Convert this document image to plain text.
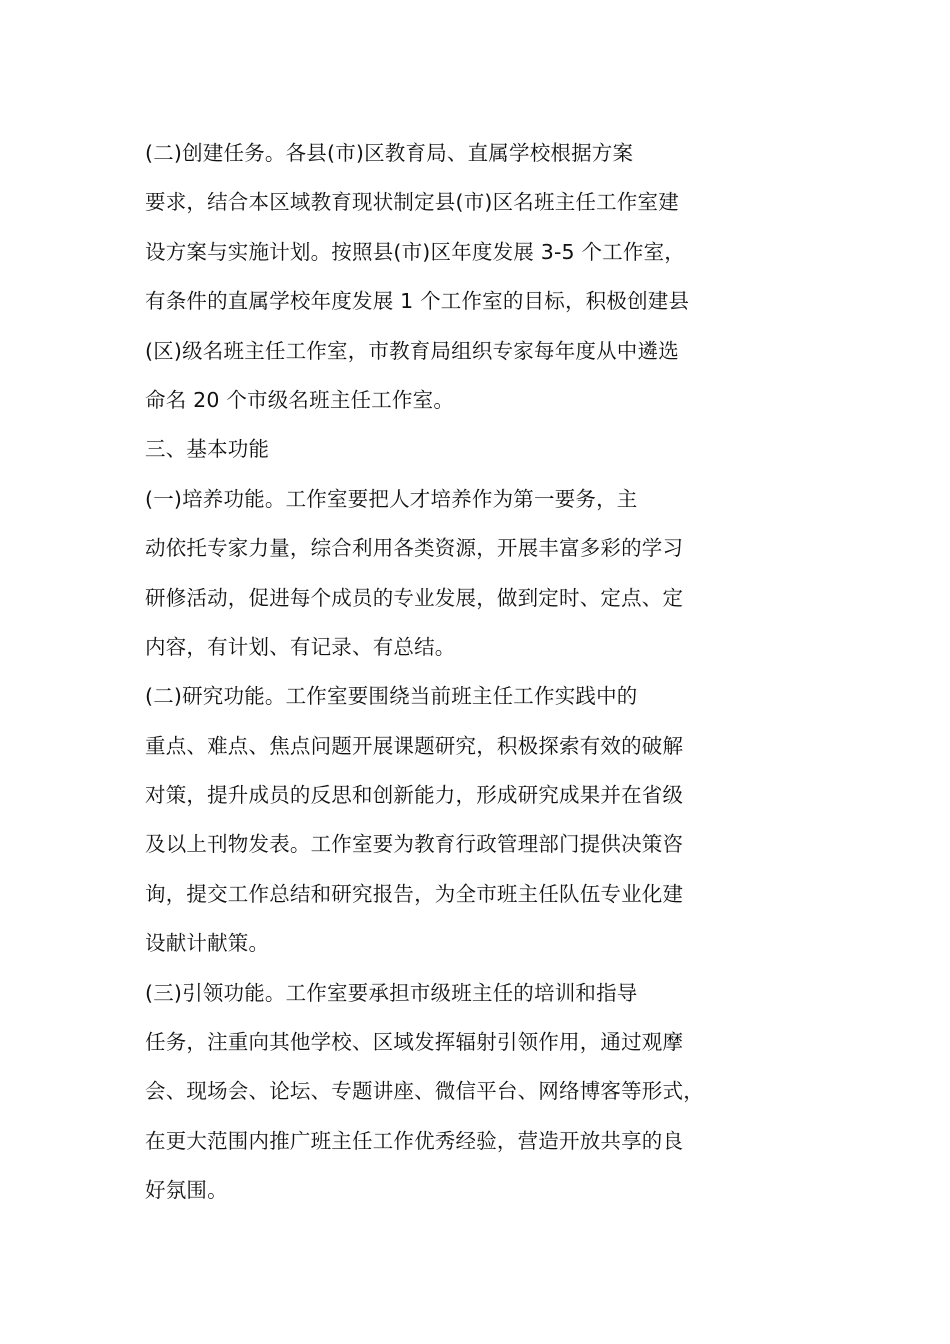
(二)创建任务。各县(市)区教育局、直属学校根据方案
要求，结合本区域教育现状制定县(市)区名班主任工作室建
设方案与实施计划。按照县(市)区年度发展 3-5 个工作室，
有条件的直属学校年度发展 1 个工作室的目标，积极创建县
(区)级名班主任工作室，市教育局组织专家每年度从中遴选
命名 20 个市级名班主任工作室。
三、基本功能
(一)培养功能。工作室要把人才培养作为第一要务，主
动依托专家力量，综合利用各类资源，开展丰富多彩的学习
研修活动，促进每个成员的专业发展，做到定时、定点、定
内容，有计划、有记录、有总结。
(二)研究功能。工作室要围绕当前班主任工作实践中的
重点、难点、焦点问题开展课题研究，积极探索有效的破解
对策，提升成员的反思和创新能力，形成研究成果并在省级
及以上刊物发表。工作室要为教育行政管理部门提供决策咨
询，提交工作总结和研究报告，为全市班主任队伍专业化建
设献计献策。
(三)引领功能。工作室要承担市级班主任的培训和指导
任务，注重向其他学校、区域发挥辐射引领作用，通过观摩
会、现场会、论坛、专题讲座、微信平台、网络博客等形式，
在更大范围内推广班主任工作优秀经验，营造开放共享的良
好氛围。
